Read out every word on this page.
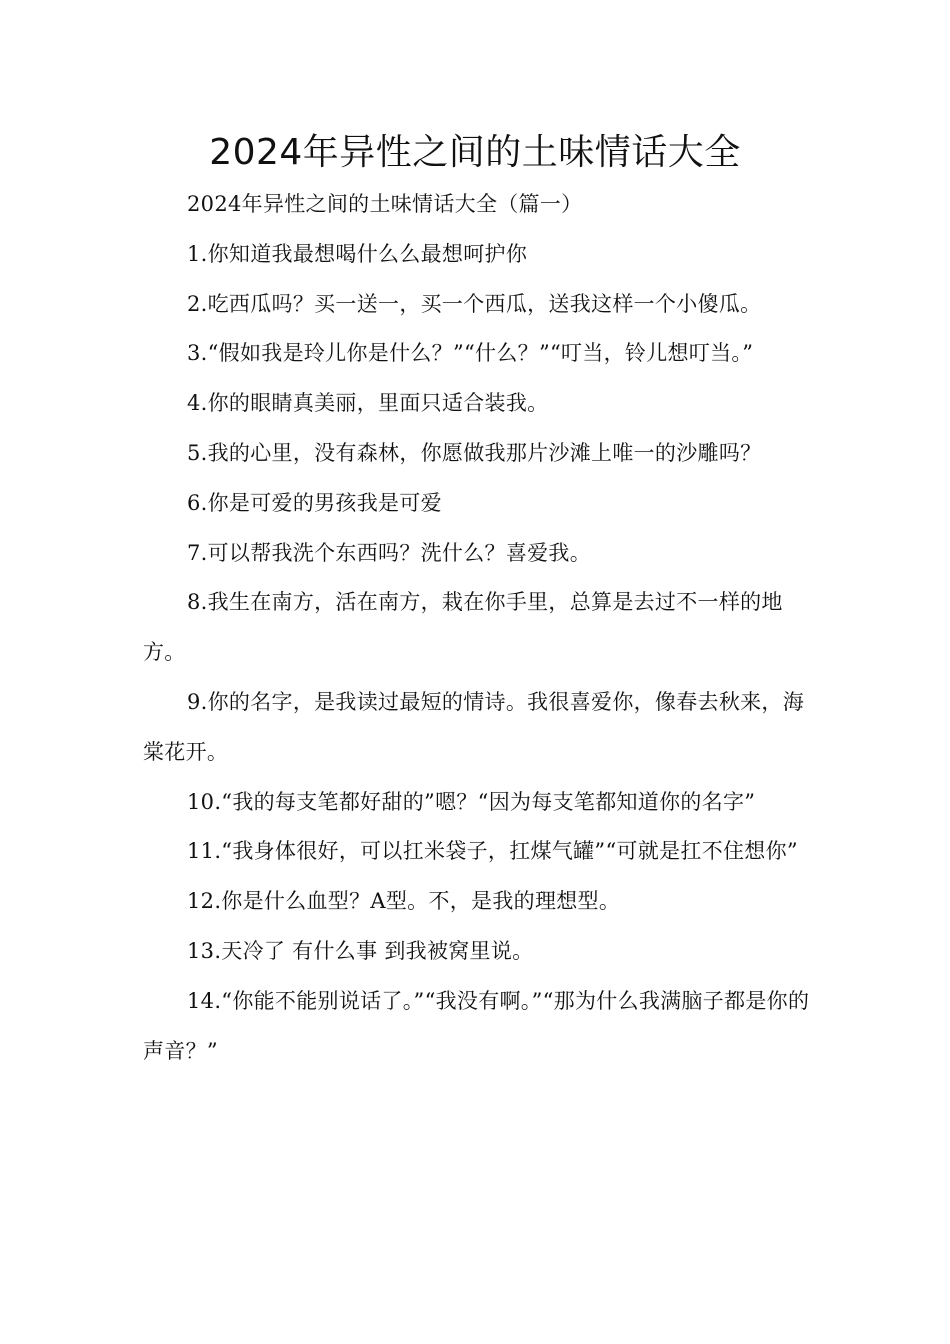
2024年异性之间的土味情话大全

2024年异性之间的土味情话大全（篇一）

1.你知道我最想喝什么么最想呵护你

2.吃西瓜吗？买一送一，买一个西瓜，送我这样一个小傻瓜。

3.“假如我是玲儿你是什么？”“什么？”“叮当，铃儿想叮当。”

4.你的眼睛真美丽，里面只适合装我。

5.我的心里，没有森林，你愿做我那片沙滩上唯一的沙雕吗？

6.你是可爱的男孩我是可爱

7.可以帮我洗个东西吗？洗什么？喜爱我。

8.我生在南方，活在南方，栽在你手里，总算是去过不一样的地方。

9.你的名字，是我读过最短的情诗。我很喜爱你，像春去秋来，海棠花开。

10.“我的每支笔都好甜的”嗯？“因为每支笔都知道你的名字”

11.“我身体很好，可以扛米袋子，扛煤气罐”“可就是扛不住想你”

12.你是什么血型？A型。不，是我的理想型。

13.天冷了 有什么事 到我被窝里说。

14.“你能不能别说话了。”“我没有啊。”“那为什么我满脑子都是你的声音？”
